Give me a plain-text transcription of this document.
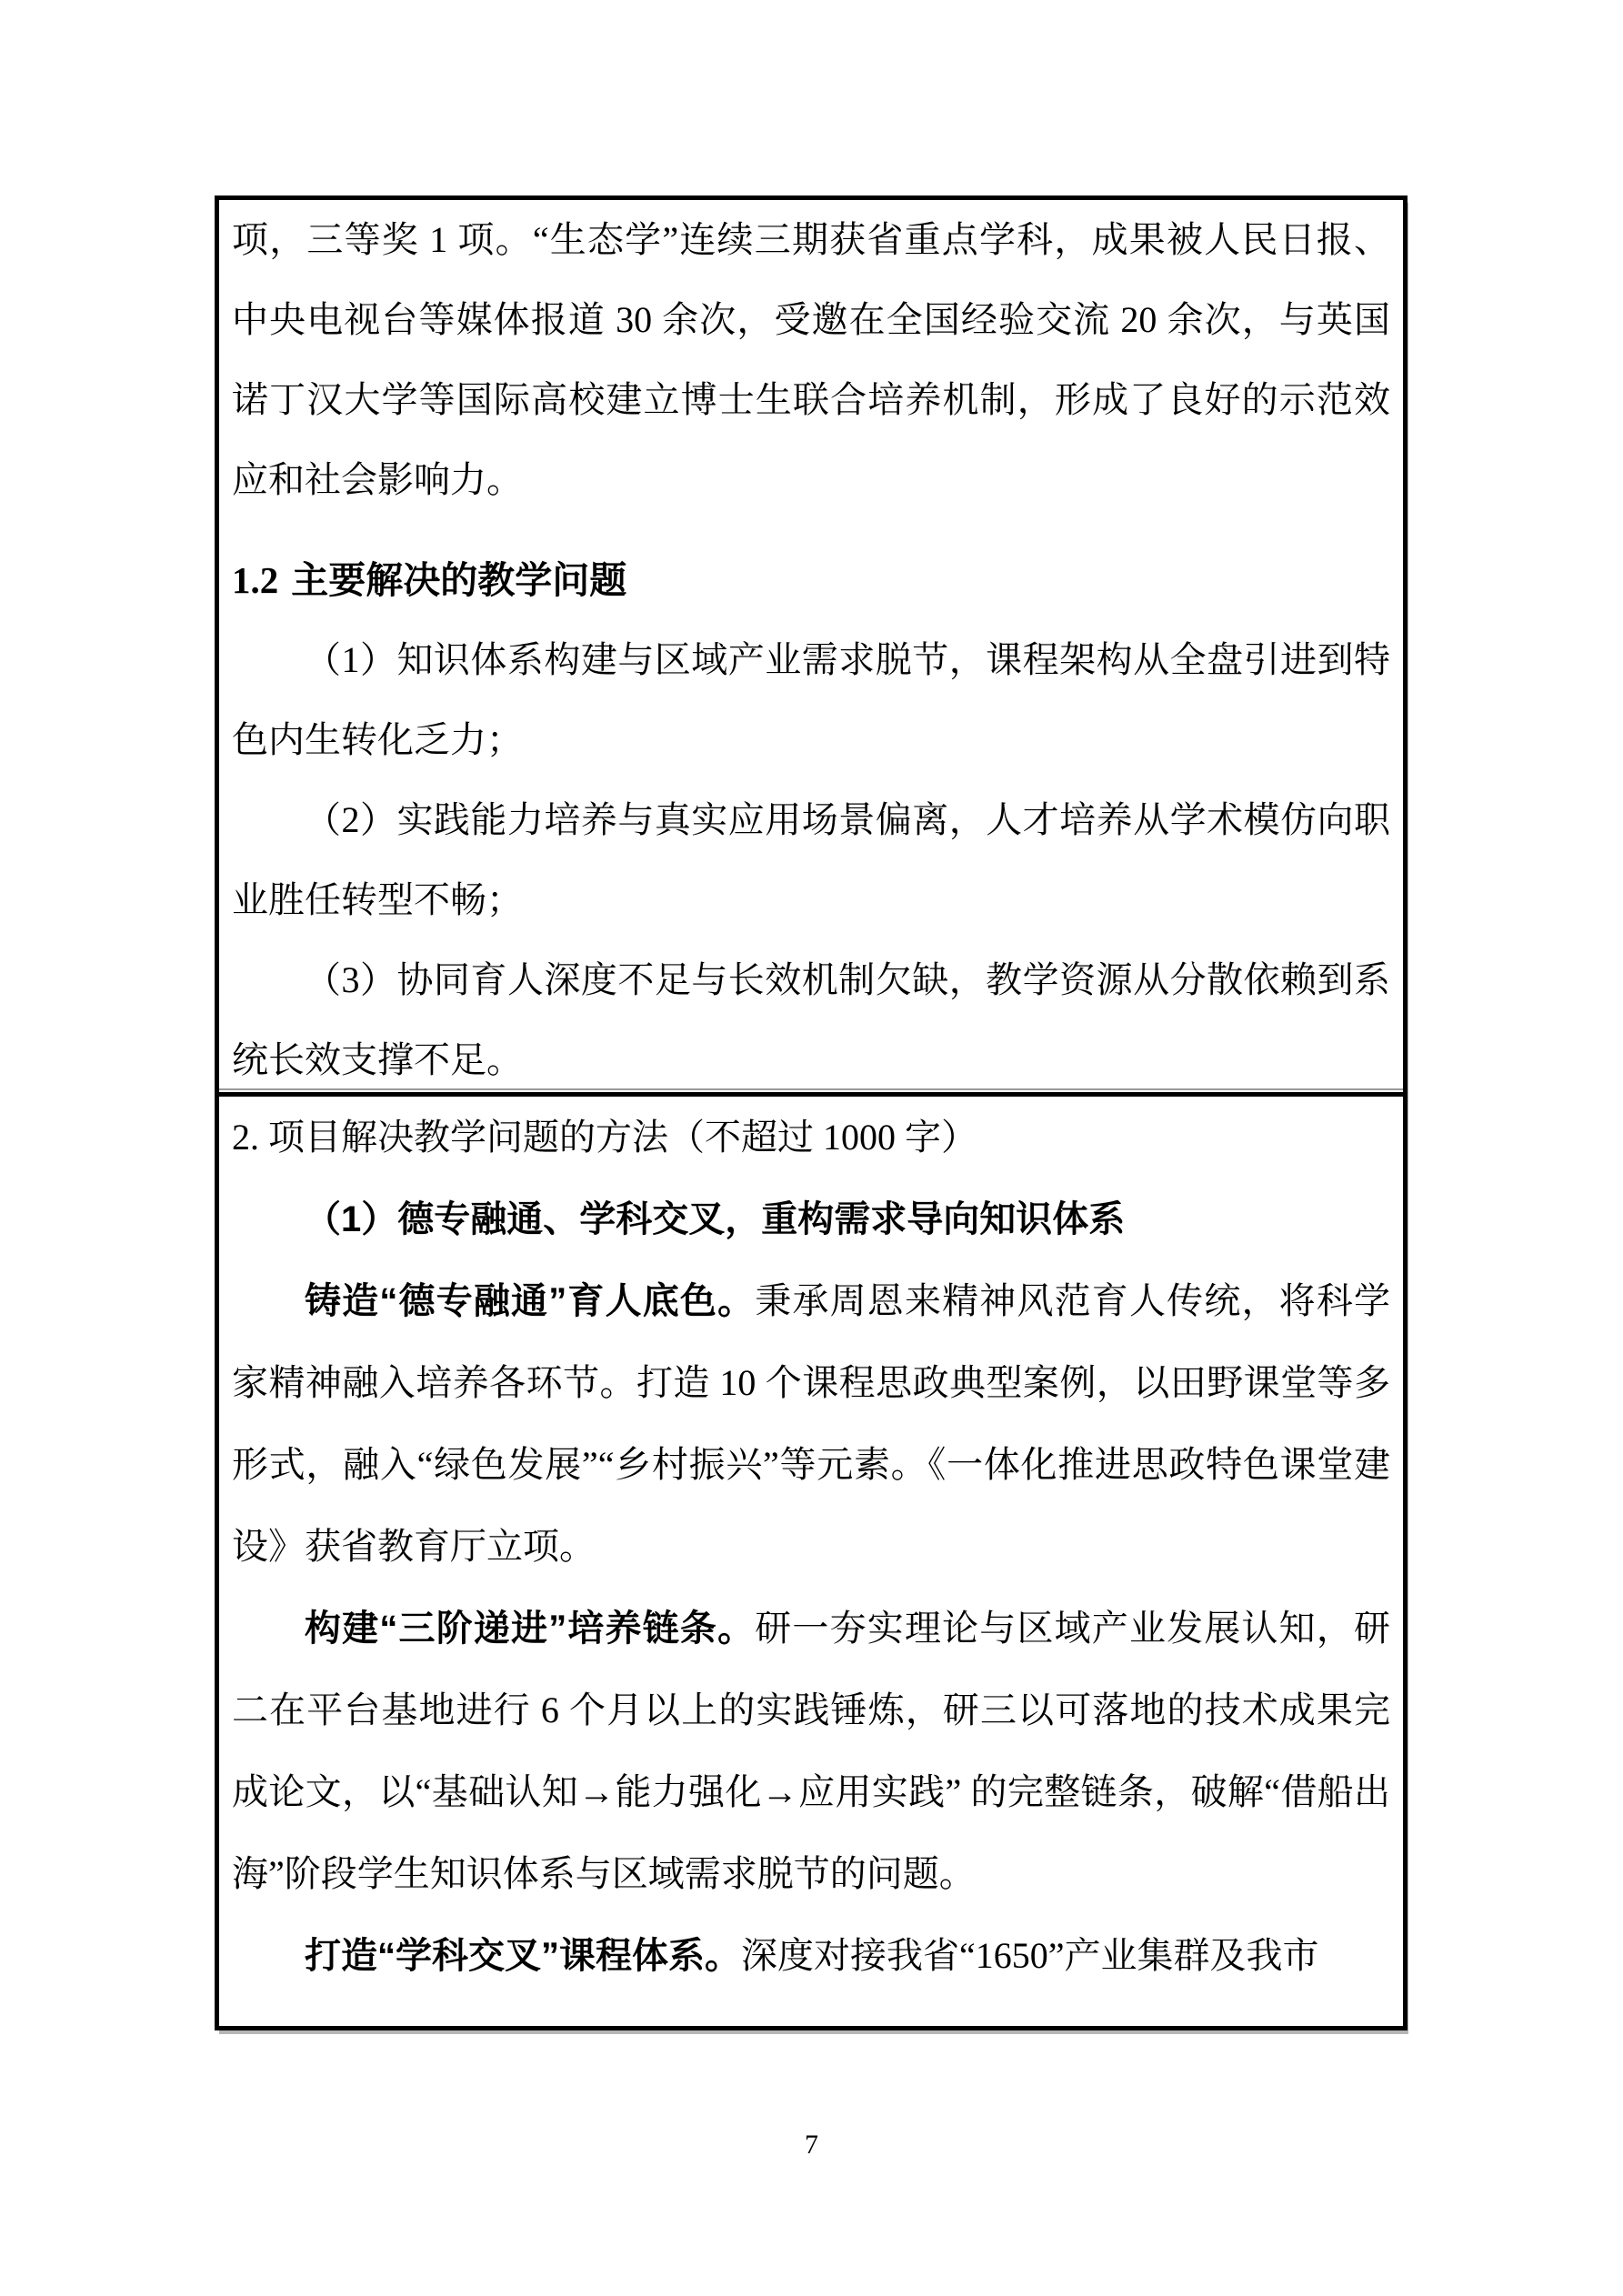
项，三等奖 1 项。“生态学”连续三期获省重点学科，成果被人民日报、中央电视台等媒体报道 30 余次，受邀在全国经验交流 20 余次，与英国诺丁汉大学等国际高校建立博士生联合培养机制，形成了良好的示范效应和社会影响力。

1.2 主要解决的教学问题

（1）知识体系构建与区域产业需求脱节，课程架构从全盘引进到特色内生转化乏力；

（2）实践能力培养与真实应用场景偏离，人才培养从学术模仿向职业胜任转型不畅；

（3）协同育人深度不足与长效机制欠缺，教学资源从分散依赖到系统长效支撑不足。

2. 项目解决教学问题的方法（不超过 1000 字）

（1）德专融通、学科交叉，重构需求导向知识体系

铸造“德专融通”育人底色。秉承周恩来精神风范育人传统，将科学家精神融入培养各环节。打造 10 个课程思政典型案例，以田野课堂等多形式，融入“绿色发展”“乡村振兴”等元素。《一体化推进思政特色课堂建设》获省教育厅立项。

构建“三阶递进”培养链条。研一夯实理论与区域产业发展认知，研二在平台基地进行 6 个月以上的实践锤炼，研三以可落地的技术成果完成论文，以“基础认知→能力强化→应用实践” 的完整链条，破解“借船出海”阶段学生知识体系与区域需求脱节的问题。

打造“学科交叉”课程体系。深度对接我省“1650”产业集群及我市

7
